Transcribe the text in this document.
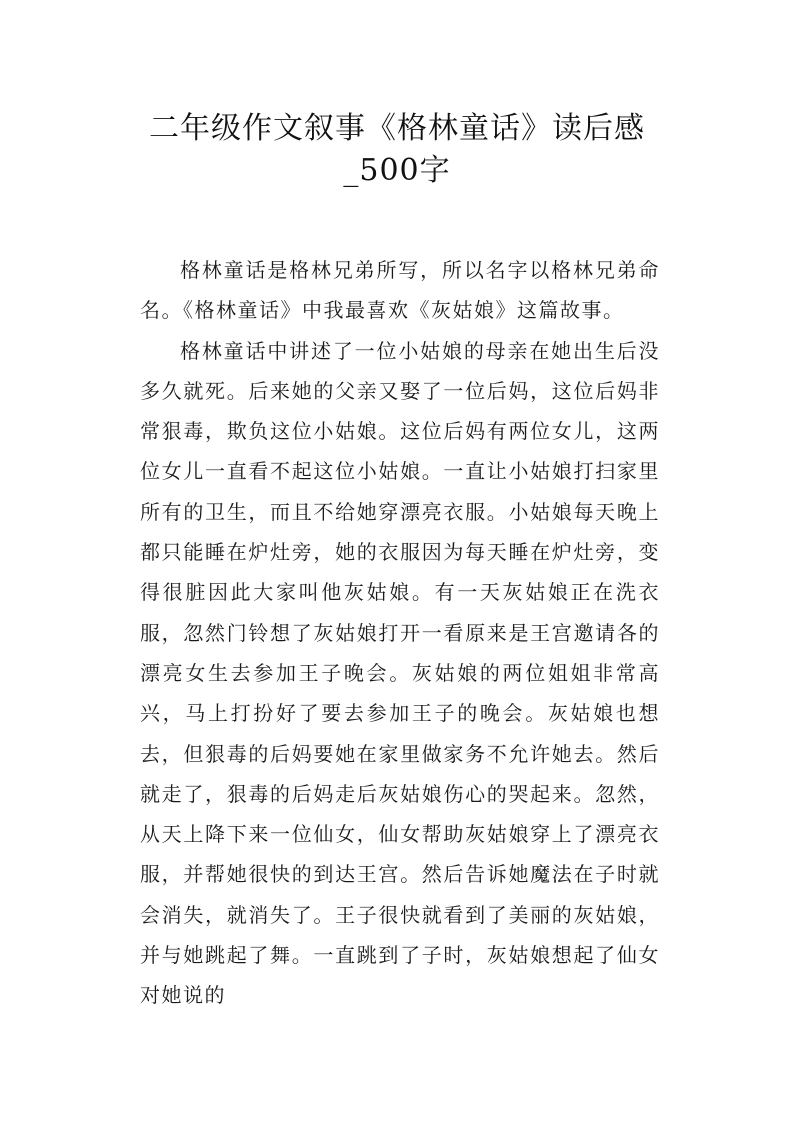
二年级作文叙事《格林童话》读后感_500字

格林童话是格林兄弟所写，所以名字以格林兄弟命名。《格林童话》中我最喜欢《灰姑娘》这篇故事。

格林童话中讲述了一位小姑娘的母亲在她出生后没多久就死。后来她的父亲又娶了一位后妈，这位后妈非常狠毒，欺负这位小姑娘。这位后妈有两位女儿，这两位女儿一直看不起这位小姑娘。一直让小姑娘打扫家里所有的卫生，而且不给她穿漂亮衣服。小姑娘每天晚上都只能睡在炉灶旁，她的衣服因为每天睡在炉灶旁，变得很脏因此大家叫他灰姑娘。有一天灰姑娘正在洗衣服，忽然门铃想了灰姑娘打开一看原来是王宫邀请各的漂亮女生去参加王子晚会。灰姑娘的两位姐姐非常高兴，马上打扮好了要去参加王子的晚会。灰姑娘也想去，但狠毒的后妈要她在家里做家务不允许她去。然后就走了，狠毒的后妈走后灰姑娘伤心的哭起来。忽然，从天上降下来一位仙女，仙女帮助灰姑娘穿上了漂亮衣服，并帮她很快的到达王宫。然后告诉她魔法在子时就会消失，就消失了。王子很快就看到了美丽的灰姑娘，并与她跳起了舞。一直跳到了子时，灰姑娘想起了仙女对她说的
